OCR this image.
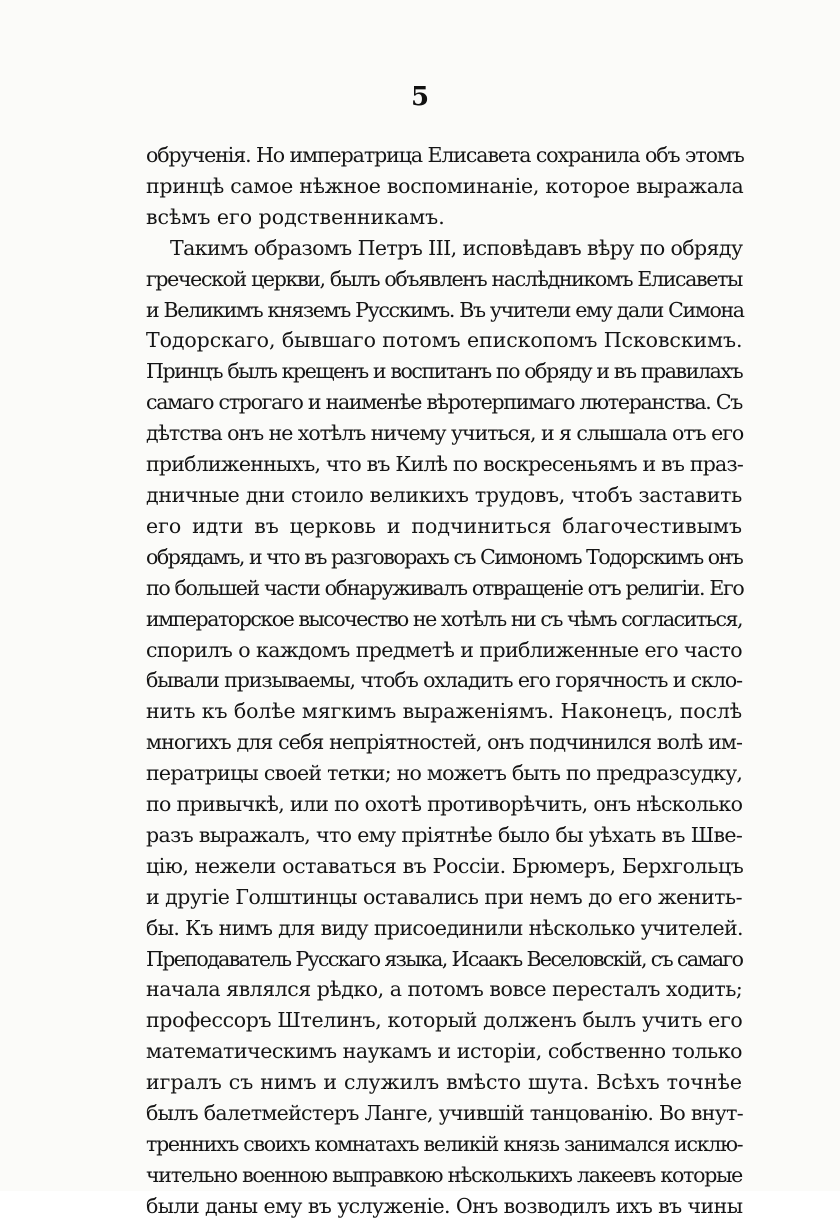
5

обрученія. Но императрица Елисавета сохранила объ этомъ
принцѣ самое нѣжное воспоминаніе, которое выражала
всѣмъ его родственникамъ.

Такимъ образомъ Петръ III, исповѣдавъ вѣру по обряду
греческой церкви, былъ объявленъ наслѣдникомъ Елисаветы
и Великимъ княземъ Русскимъ. Въ учители ему дали Симона
Тодорскаго, бывшаго потомъ епископомъ Псковскимъ.
Принцъ былъ крещенъ и воспитанъ по обряду и въ правилахъ
самаго строгаго и наименѣе вѣротерпимаго лютеранства. Съ
дѣтства онъ не хотѣлъ ничему учиться, и я слышала отъ его
приближенныхъ, что въ Килѣ по воскресеньямъ и въ праз-
дничные дни стоило великихъ трудовъ, чтобъ заставить
его идти въ церковь и подчиниться благочестивымъ
обрядамъ, и что въ разговорахъ съ Симономъ Тодорскимъ онъ
по большей части обнаруживалъ отвращеніе отъ религіи. Его
императорское высочество не хотѣлъ ни съ чѣмъ согласиться,
спорилъ о каждомъ предметѣ и приближенные его часто
бывали призываемы, чтобъ охладить его горячность и скло-
нить къ болѣе мягкимъ выраженіямъ. Наконецъ, послѣ
многихъ для себя непріятностей, онъ подчинился волѣ им-
ператрицы своей тетки; но можетъ быть по предразсудку,
по привычкѣ, или по охотѣ противорѣчить, онъ нѣсколько
разъ выражалъ, что ему пріятнѣе было бы уѣхать въ Шве-
цію, нежели оставаться въ Россіи. Брюмеръ, Берхгольцъ
и другіе Голштинцы оставались при немъ до его женить-
бы. Къ нимъ для виду присоединили нѣсколько учителей.
Преподаватель Русскаго языка, Исаакъ Веселовскій, съ самаго
начала являлся рѣдко, а потомъ вовсе пересталъ ходить;
профессоръ Штелинъ, который долженъ былъ учить его
математическимъ наукамъ и исторіи, собственно только
игралъ съ нимъ и служилъ вмѣсто шута. Всѣхъ точнѣе
былъ балетмейстеръ Ланге, учившій танцованію. Во внут-
треннихъ своихъ комнатахъ великій князь занимался исклю-
чительно военною выправкою нѣсколькихъ лакеевъ которые
были даны ему въ услуженіе. Онъ возводилъ ихъ въ чины
